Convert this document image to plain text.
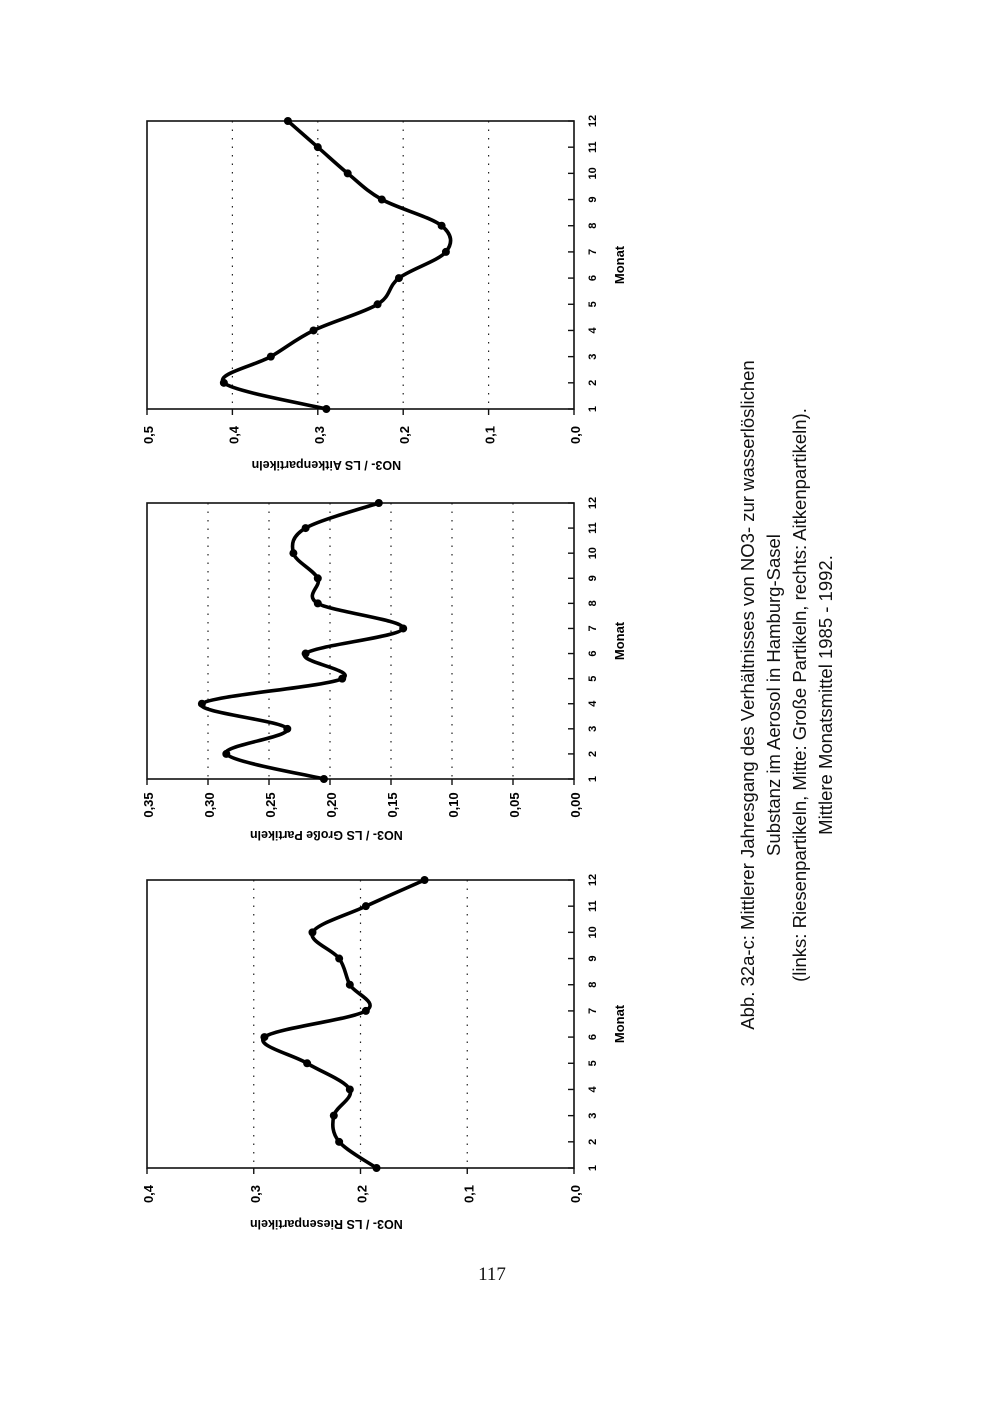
0,0
0,1
0,2
0,3
0,4
1
2
3
4
5
6
7
8
9
10
11
12
Monat
NO3- / LS Riesenpartikeln
0,00
0,05
0,10
0,15
0,20
0,25
0,30
0,35
1
2
3
4
5
6
7
8
9
10
11
12
Monat
NO3- / LS Große Partikeln
0,0
0,1
0,2
0,3
0,4
0,5
1
2
3
4
5
6
7
8
9
10
11
12
Monat
NO3- / LS Aitkenpartikeln	Abb. 32a-c: Mittlerer Jahresgang des Verhältnisses von NO3- zur wasserlöslichen Substanz im Aerosol in Hamburg-Sasel (links: Riesenpartikeln, Mitte: Große Partikeln, rechts: Aitkenpartikeln). Mittlere Monatsmittel 1985 - 1992.
117
